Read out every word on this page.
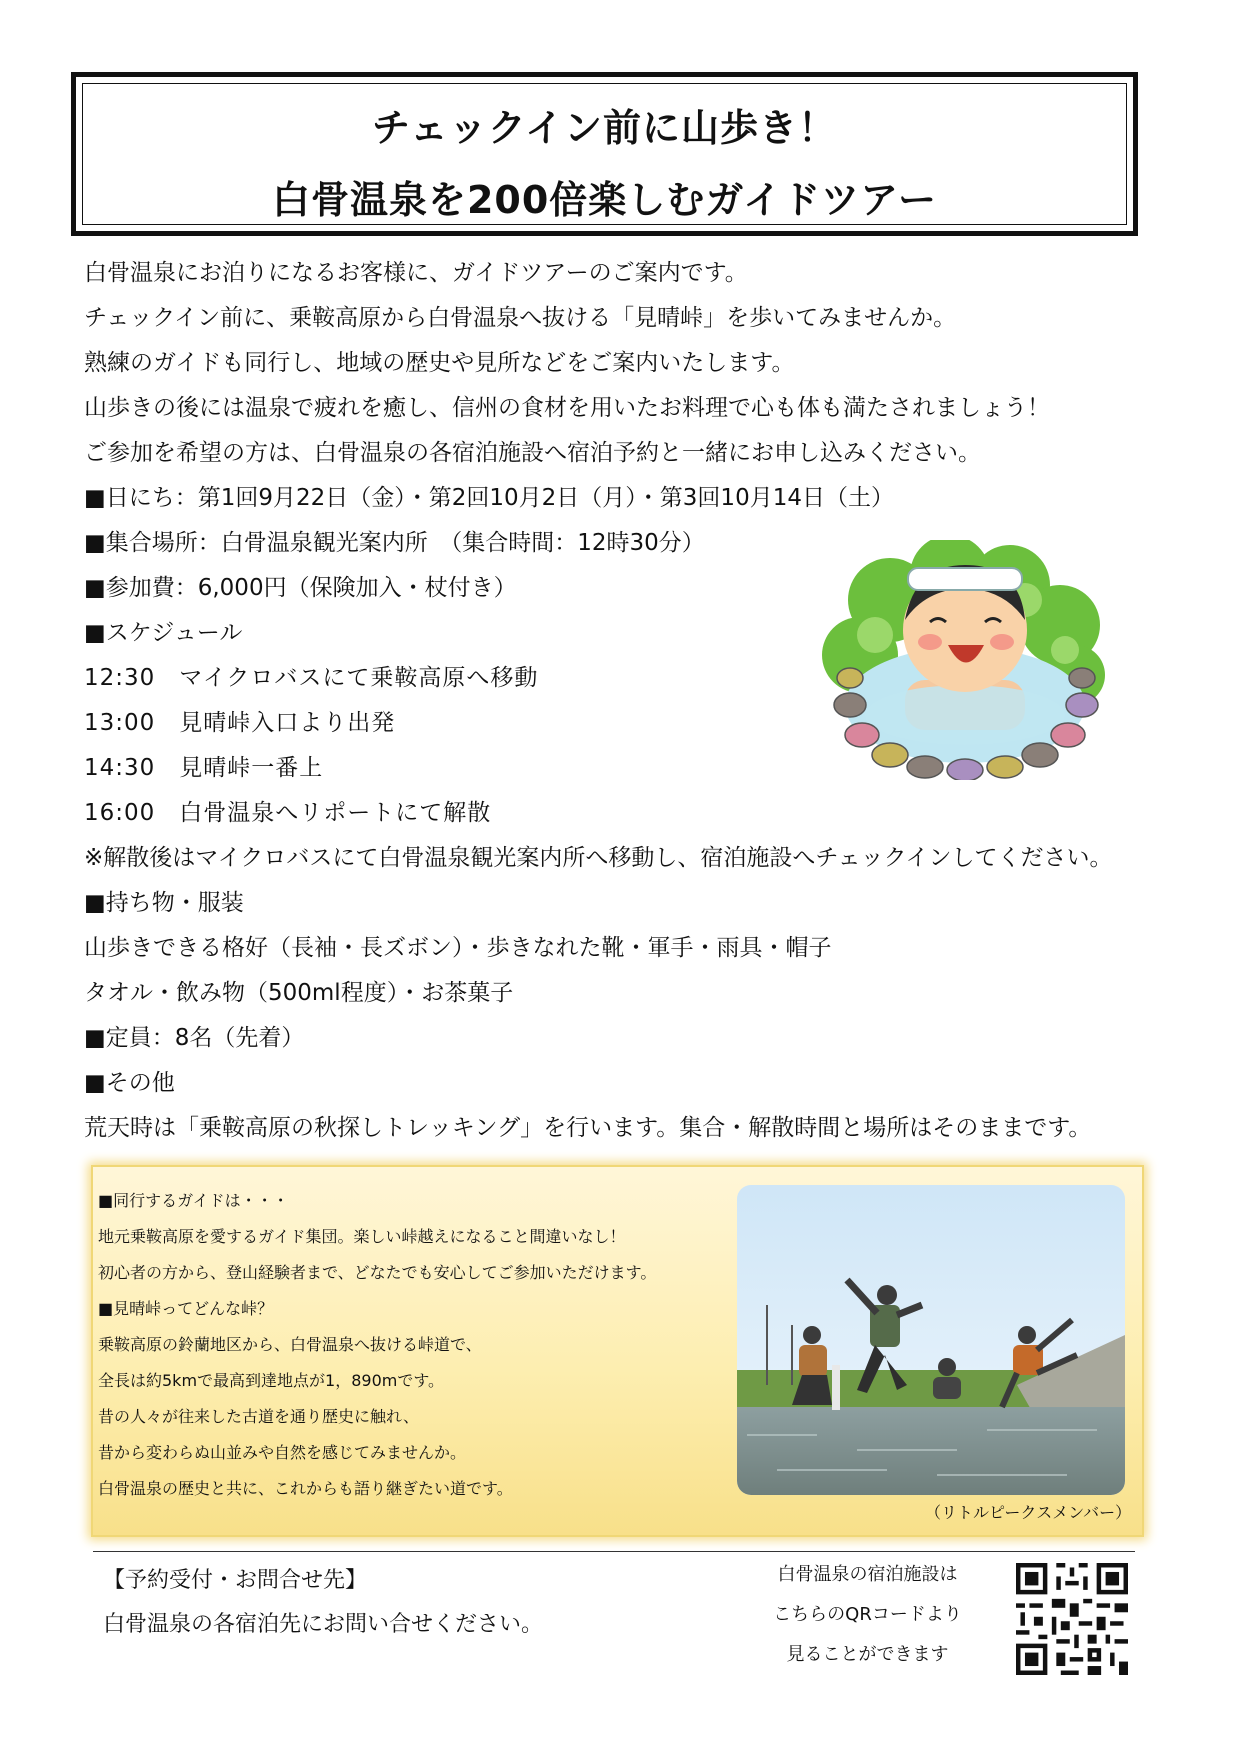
チェックイン前に山歩き！
白骨温泉を200倍楽しむガイドツアー
白骨温泉にお泊りになるお客様に、ガイドツアーのご案内です。
チェックイン前に、乗鞍高原から白骨温泉へ抜ける「見晴峠」を歩いてみませんか。
熟練のガイドも同行し、地域の歴史や見所などをご案内いたします。
山歩きの後には温泉で疲れを癒し、信州の食材を用いたお料理で心も体も満たされましょう！
ご参加を希望の方は、白骨温泉の各宿泊施設へ宿泊予約と一緒にお申し込みください。
■日にち：第1回9月22日（金）・第2回10月2日（月）・第3回10月14日（土）
■集合場所：白骨温泉観光案内所　（集合時間：12時30分）
■参加費：6,000円（保険加入・杖付き）
■スケジュール
12:30　マイクロバスにて乗鞍高原へ移動
13:00　見晴峠入口より出発
14:30　見晴峠一番上
16:00　白骨温泉へリポートにて解散
※解散後はマイクロバスにて白骨温泉観光案内所へ移動し、宿泊施設へチェックインしてください。
■持ち物・服装
山歩きできる格好（長袖・長ズボン）・歩きなれた靴・軍手・雨具・帽子
タオル・飲み物（500ml程度）・お茶菓子
■定員：8名（先着）
■その他
荒天時は「乗鞍高原の秋探しトレッキング」を行います。集合・解散時間と場所はそのままです。
■同行するガイドは・・・
地元乗鞍高原を愛するガイド集団。楽しい峠越えになること間違いなし！
初心者の方から、登山経験者まで、どなたでも安心してご参加いただけます。
■見晴峠ってどんな峠？
乗鞍高原の鈴蘭地区から、白骨温泉へ抜ける峠道で、
全長は約5kmで最高到達地点が1，890mです。
昔の人々が往来した古道を通り歴史に触れ、
昔から変わらぬ山並みや自然を感じてみませんか。
白骨温泉の歴史と共に、これからも語り継ぎたい道です。
（リトルピークスメンバー）
【予約受付・お問合せ先】
白骨温泉の各宿泊先にお問い合せください。
白骨温泉の宿泊施設は
こちらのQRコードより
見ることができます
